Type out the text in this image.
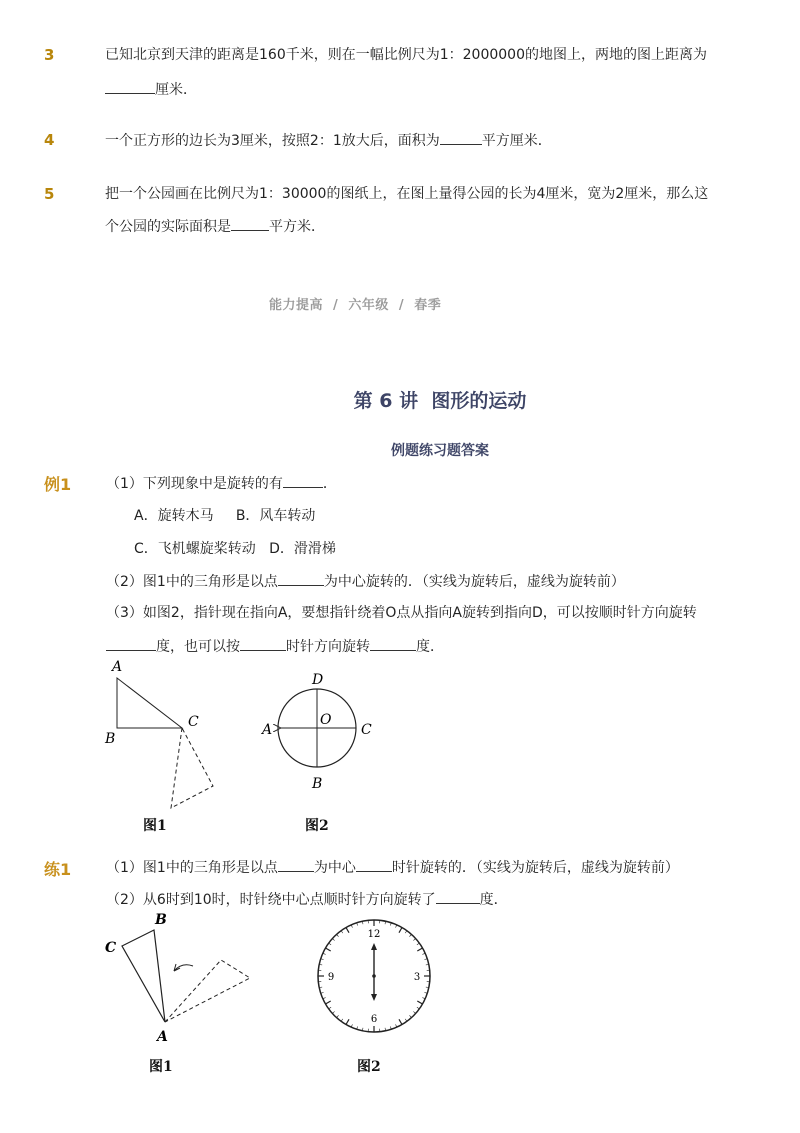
3	已知北京到天津的距离是160千米，则在一幅比例尺为1：2000000的地图上，两地的图上距离为
厘米．
4	一个正方形的边长为3厘米，按照2：1放大后，面积为	平方厘米．
5	把一个公园画在比例尺为1：30000的图纸上，在图上量得公园的长为4厘米，宽为2厘米，那么这
个公园的实际面积是	平方米．
能力提高  /  六年级  /  春季
第 6 讲  图形的运动
例题练习题答案
例1 （1）下列现象中是旋转的有	．
A．旋转木马     B．风车转动
C．飞机螺旋桨转动   D．滑滑梯
（2）图1中的三角形是以点	为中心旋转的．（实线为旋转后，虚线为旋转前）
（3）如图2，指针现在指向A，要想指针绕着O点从指向A旋转到指向D，可以按顺时针方向旋转
度，也可以按	时针方向旋转	度．
A
B
C
图1
D
O
A	C
B
图2
练1 （1）图1中的三角形是以点	为中心	时针旋转的．（实线为旋转后，虚线为旋转前）
（2）从6时到10时，时针绕中心点顺时针方向旋转了	度．
B
C
A
图1
12
3
6
9
图2
